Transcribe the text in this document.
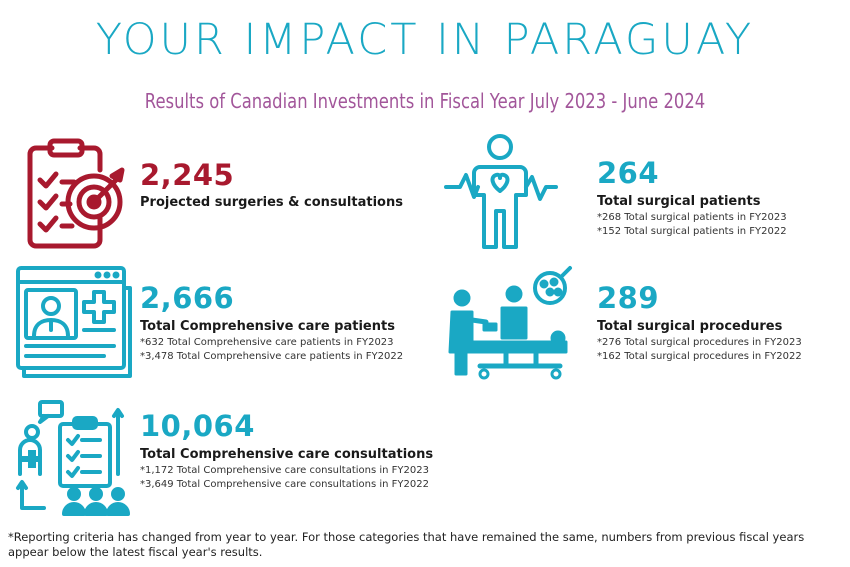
YOUR IMPACT IN PARAGUAY
Results of Canadian Investments in Fiscal Year July 2023 - June 2024
2,245
Projected surgeries & consultations
264
Total surgical patients
*268 Total surgical patients in FY2023
*152 Total surgical patients in FY2022
2,666
Total Comprehensive care patients
*632 Total Comprehensive care patients in FY2023
*3,478 Total Comprehensive care patients in FY2022
289
Total surgical procedures
*276 Total surgical procedures in FY2023
*162 Total surgical procedures in FY2022
10,064
Total Comprehensive care consultations
*1,172 Total Comprehensive care consultations in FY2023
*3,649 Total Comprehensive care consultations in FY2022
*Reporting criteria has changed from year to year. For those categories that have remained the same, numbers from previous fiscal years appear below the latest fiscal year's results.
